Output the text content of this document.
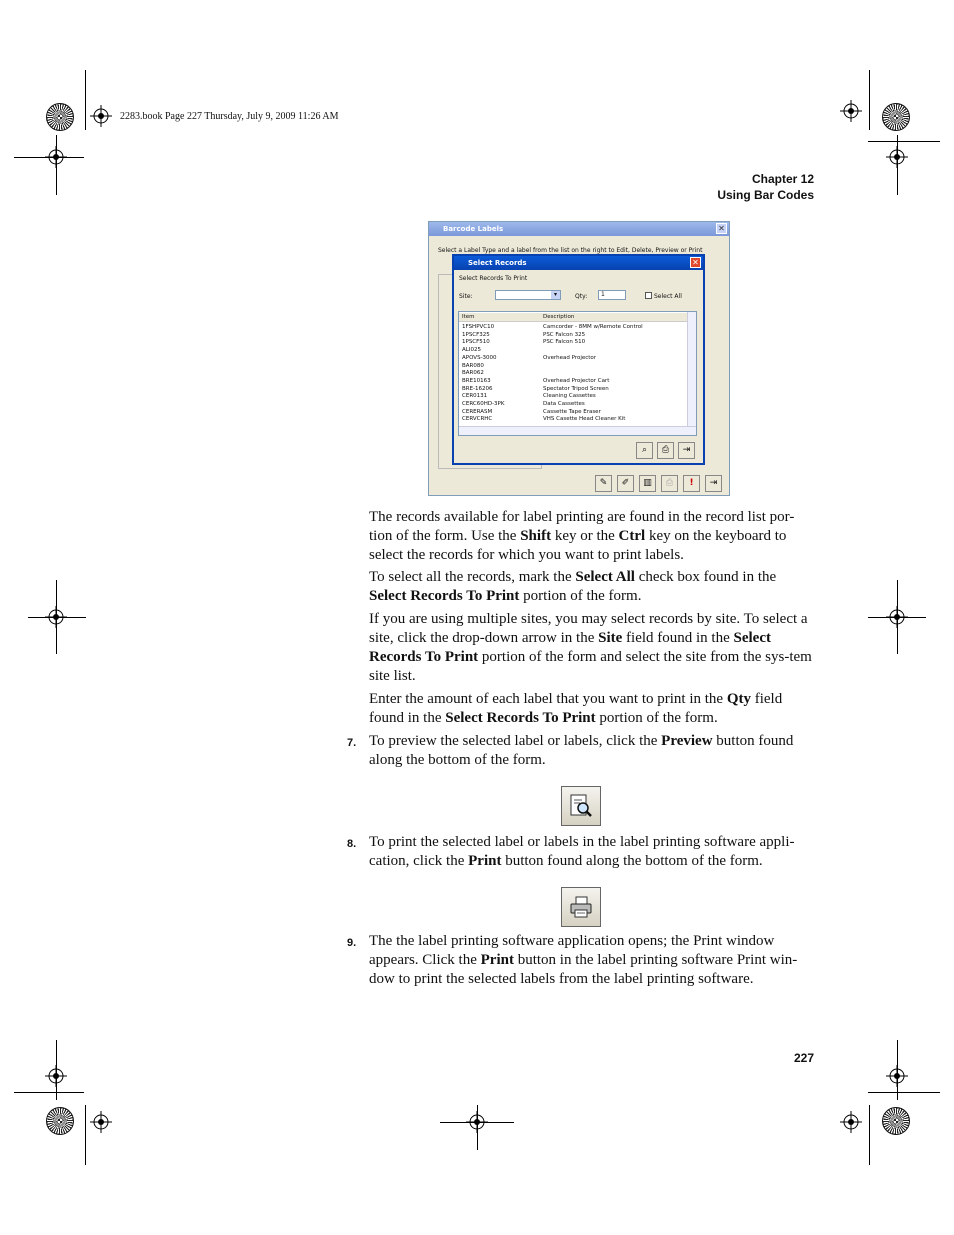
2283.book Page 227 Thursday, July 9, 2009 11:26 AM
Chapter 12
Using Bar Codes
Barcode Labels	✕
Select a Label Type and a label from the list on the right to Edit, Delete, Preview or Print
✎	✐	▥	⎙	!	⇥
Select Records	✕
Select Records To Print
Site:	▾	Qty:	1	Select All
Item	Description
1FSHPVC10	Camcorder - 8MM w/Remote Control
1PSCF325	PSC Falcon 325
1PSCF510	PSC Falcon 510
ALI025
APOVS-3000	Overhead Projector
BAR080
BAR062
BRE10163	Overhead Projector Cart
BRE-16206	Spectator Tripod Screen
CER0131	Cleaning Cassettes
CERC60HD-3PK	Data Cassettes
CERERASM	Cassette Tape Eraser
CERVCRHC	VHS Casette Head Cleaner Kit
⌕	⎙	⇥

The records available for label printing are found in the record list por-tion of the form. Use the Shift key or the Ctrl key on the keyboard to select the records for which you want to print labels.

To select all the records, mark the Select All check box found in the Select Records To Print portion of the form.

If you are using multiple sites, you may select records by site. To select a site, click the drop-down arrow in the Site field found in the Select Records To Print portion of the form and select the site from the sys-tem site list.

Enter the amount of each label that you want to print in the Qty field found in the Select Records To Print portion of the form.

7. To preview the selected label or labels, click the Preview button found along the bottom of the form.

8. To print the selected label or labels in the label printing software appli-cation, click the Print button found along the bottom of the form.

9. The the label printing software application opens; the Print window appears. Click the Print button in the label printing software Print win-dow to print the selected labels from the label printing software.

227
